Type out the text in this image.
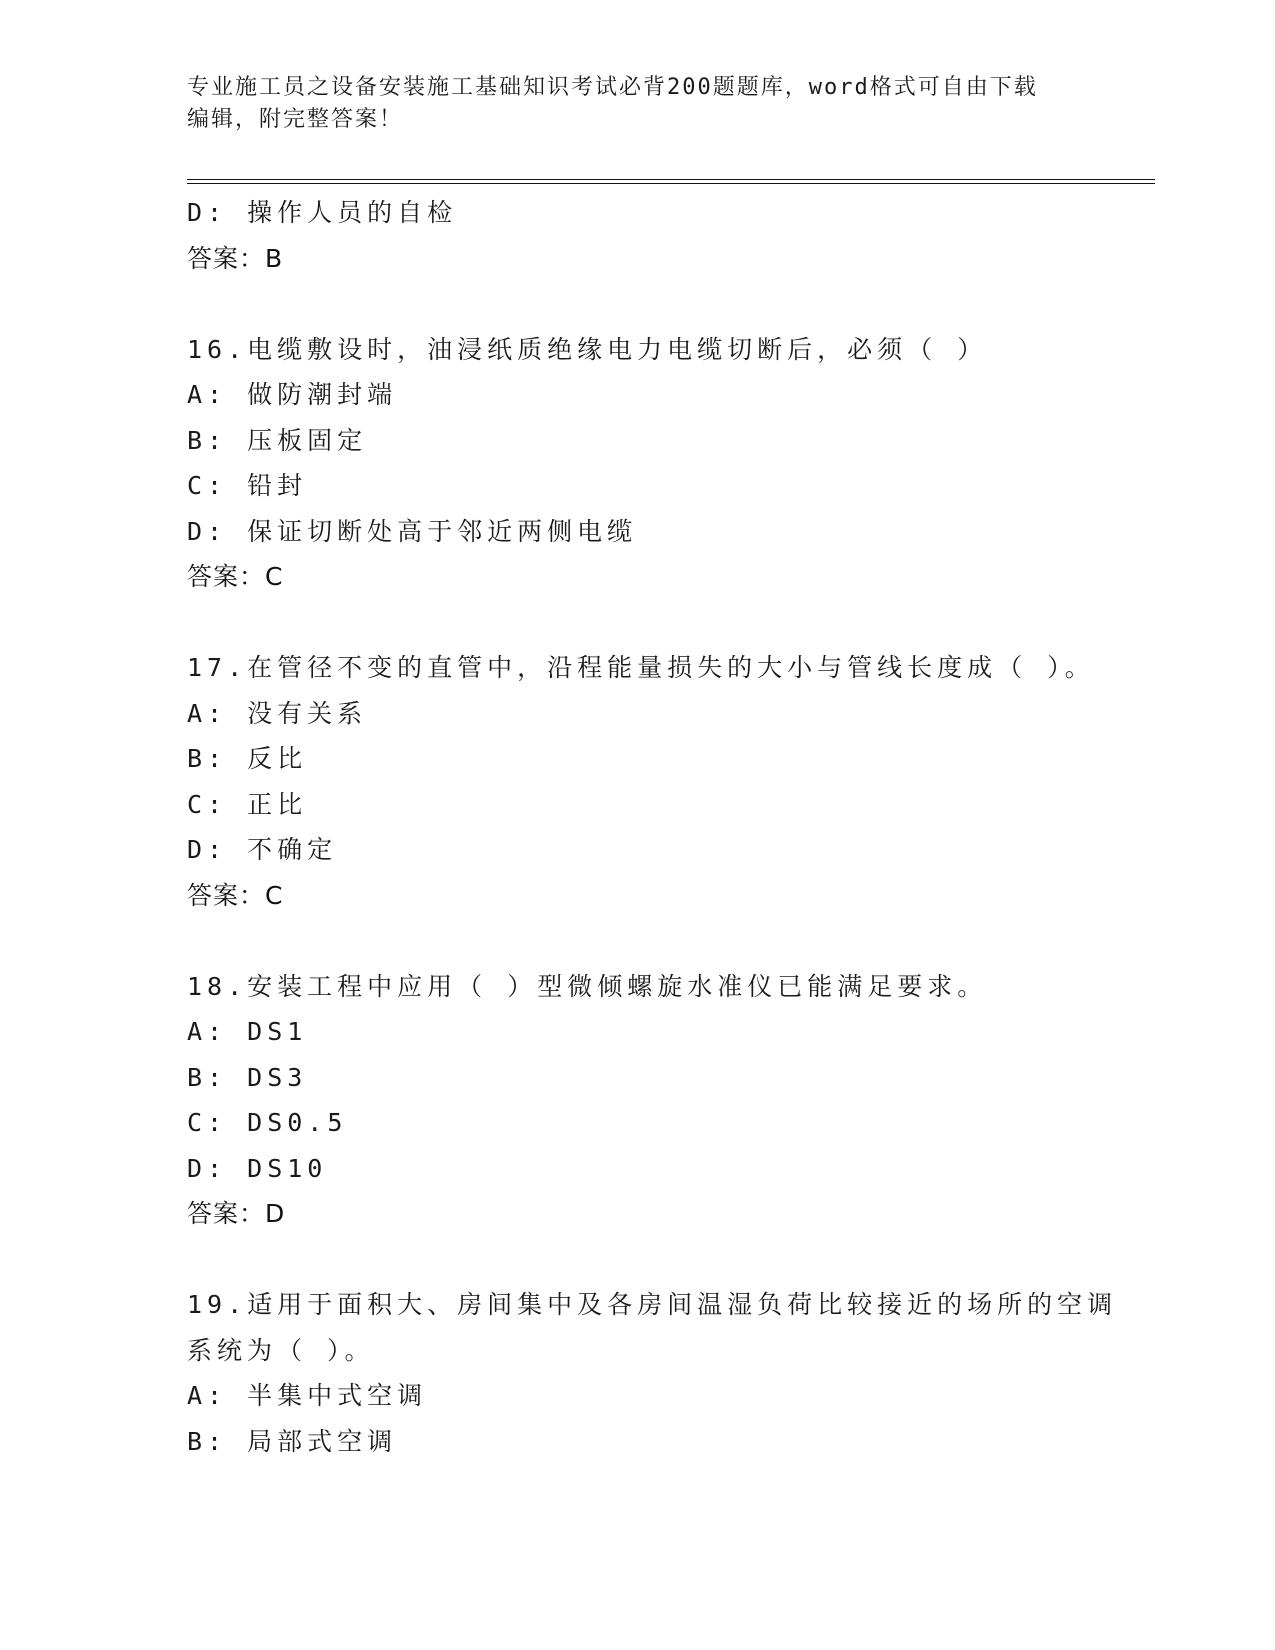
专业施工员之设备安装施工基础知识考试必背200题题库，word格式可自由下载
编辑，附完整答案！
D: 操作人员的自检
答案：B
16.电缆敷设时，油浸纸质绝缘电力电缆切断后，必须（ ）
A: 做防潮封端
B: 压板固定
C: 铅封
D: 保证切断处高于邻近两侧电缆
答案：C
17.在管径不变的直管中，沿程能量损失的大小与管线长度成（ ）。
A: 没有关系
B: 反比
C: 正比
D: 不确定
答案：C
18.安装工程中应用（ ）型微倾螺旋水准仪已能满足要求。
A: DS1
B: DS3
C: DS0.5
D: DS10
答案：D
19.适用于面积大、房间集中及各房间温湿负荷比较接近的场所的空调
系统为（ ）。
A: 半集中式空调
B: 局部式空调
